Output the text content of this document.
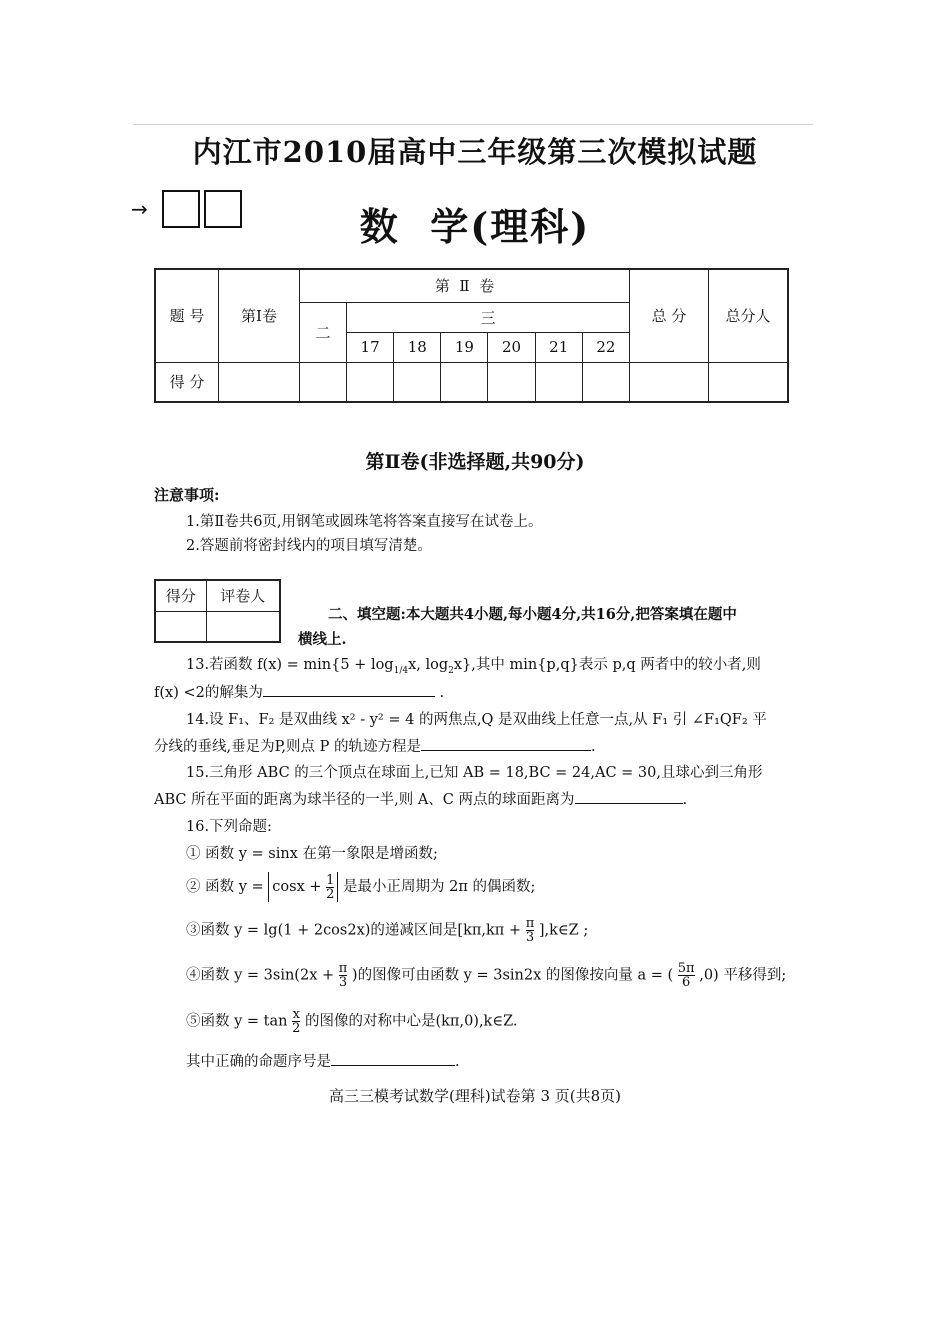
内江市2010届高中三年级第三次模拟试题
→	数  学(理科)
题 号	第Ⅰ卷	第  Ⅱ  卷							总 分	总分人
		二	三							
			17	18	19	20	21	22		
得 分										
第Ⅱ卷(非选择题,共90分)
注意事项:
1.第Ⅱ卷共6页,用钢笔或圆珠笔将答案直接写在试卷上。
2.答题前将密封线内的项目填写清楚。
得分	评卷人

二、填空题:本大题共4小题,每小题4分,共16分,把答案填在题中
横线上.
13.若函数 $f(x) = \min\{5 + \log_{1/4}x$, $\log_2x$},其中 min{p,q}表示 p,q 两者中的较小者,则
f(x) <2的解集为	.
14.设 F₁、F₂ 是双曲线 x² - y² = 4 的两焦点,Q 是双曲线上任意一点,从 F₁ 引 ∠F₁QF₂ 平
分线的垂线,垂足为P,则点 P 的轨迹方程是	.
15.三角形 ABC 的三个顶点在球面上,已知 AB = 18,BC = 24,AC = 30,且球心到三角形
ABC 所在平面的距离为球半径的一半,则 A、C 两点的球面距离为	.
16.下列命题:
① 函数 y = sinx 在第一象限是增函数;
② 函数 $y = \cos x + \frac{1}{2}$ 是最小正周期为 2π 的偶函数;
③函数 y = lg(1 + 2cos2x)的递减区间是[$k\pi,k\pi + \frac{\pi}{3}$ ],k∈Z ;
④函数 $y = 3\sin(2x + \frac{\pi}{3}$ )的图像可由函数 y = 3sin2x 的图像按向量 a = ( $\frac{5\pi}{6} ,0$) 平移得到;
⑤函数 $y = \tan \frac{x}{2}$ 的图像的对称中心是(kπ,0),k∈Z.
其中正确的命题序号是	.
高三三模考试数学(理科)试卷第 3 页(共8页)
